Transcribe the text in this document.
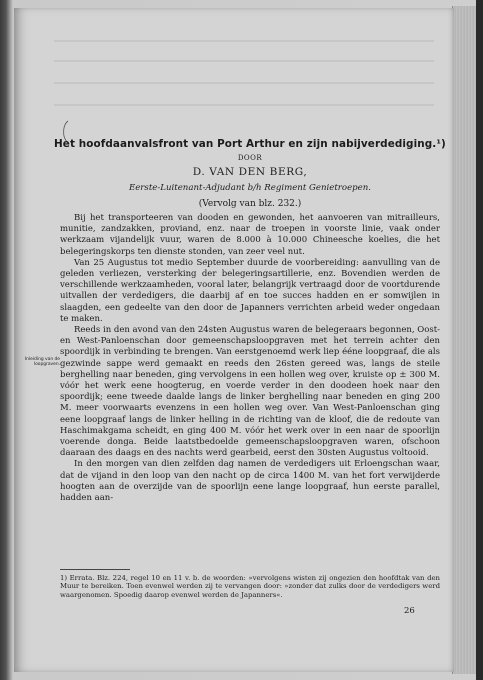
Het hoofdaanvalsfront van Port Arthur en zijn nabijverdediging.¹)
DOOR
D. VAN DEN BERG,
Eerste-Luitenant-Adjudant b/h Regiment Genietroepen.
(Vervolg van blz. 232.)

Bij het transporteeren van dooden en gewonden, het aanvoeren van mitrailleurs, munitie, zandzakken, proviand, enz. naar de troepen in voorste linie, vaak onder werkzaam vijandelijk vuur, waren de 8.000 à 10.000 Chineesche koelies, die het belegeringskorps ten dienste stonden, van zeer veel nut.

Van 25 Augustus tot medio September duurde de voorbereiding: aanvulling van de geleden verliezen, versterking der belegeringsartillerie, enz. Bovendien werden de verschillende werkzaamheden, vooral later, belangrijk vertraagd door de voortdurende uitvallen der verdedigers, die daarbij af en toe succes hadden en er somwijlen in slaagden, een gedeelte van den door de Japanners verrichten arbeid weder ongedaan te maken.

Reeds in den avond van den 24sten Augustus waren de belegeraars begonnen, Oost- en West-Panloenschan door gemeenschapsloopgraven met het terrein achter den spoordijk in verbinding te brengen. Van eerstgenoemd werk liep ééne loopgraaf, die als gezwinde sappe werd gemaakt en reeds den 26sten gereed was, langs de steile berghelling naar beneden, ging vervolgens in een hollen weg over, kruiste op ± 300 M. vóór het werk eene hoogterug, en voerde verder in den doodeen hoek naar den spoordijk; eene tweede daalde langs de linker berghelling naar beneden en ging 200 M. meer voorwaarts evenzens in een hollen weg over. Van West-Panloenschan ging eene loopgraaf langs de linker helling in de richting van de kloof, die de redoute van Haschimakgama scheidt, en ging 400 M. vóór het werk over in een naar de spoorlijn voerende donga. Beide laatstbedoelde gemeenschapsloopgraven waren, ofschoon daaraan des daags en des nachts werd gearbeid, eerst den 30sten Augustus voltooid.

In den morgen van dien zelfden dag namen de verdedigers uit Erloengschan waar, dat de vijand in den loop van den nacht op de circa 1400 M. van het fort verwijderde hoogten aan de overzijde van de spoorlijn eene lange loopgraaf, hun eerste parallel, hadden aan-

Inleiding van de loopgraven.
1) Errata. Blz. 224, regel 10 en 11 v. b. de woorden: »vervolgens wisten zij ongezien den hoofdtak van den Muur te bereiken. Toen evenwel werden zij te vervangen door: »zonder dat zulks door de verdedigers werd waargenomen. Spoedig daarop evenwel werden de Japanners«.
26
